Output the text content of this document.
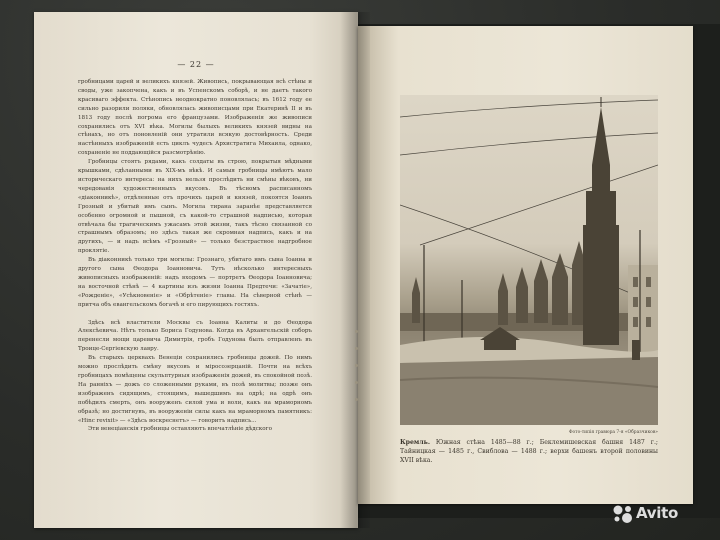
— 22 —

гробницами царей и великихъ князей. Живопись, покрывающая всѣ стѣны и своды, уже закопчена, какъ и въ Успенскомъ соборѣ, и не даетъ такого красиваго эффекта. Стѣнопись неоднократно поновлялась; въ 1612 году ее сильно разорили поляки, обновлялась живописцами при Екатеринѣ II и въ 1813 году послѣ погрома его французами. Изображенія же живописи сохранились отъ XVI вѣка. Могилы былыхъ великихъ князей видны на стѣнахъ, но отъ поновленій они утратили всякую достовѣрность. Среди настѣнныхъ изображеній есть циклъ чудесъ Архистратига Михаила, однако, сохраненіе не поддающійся разсмотрѣнію.

Гробницы стоятъ рядами, какъ солдаты въ строю, покрытыя мѣдными крышками, сдѣланными въ XIX-мъ вѣкѣ. И самыя гробницы имѣютъ мало историческаго интереса: на нихъ нельзя прослѣдить ни смѣны вѣковъ, ни чередованія художественныхъ вкусовъ. Въ тѣсномъ расписанномъ «діаконникѣ», отдѣленные отъ прочихъ царей и князей, покоятся Іоаннъ Грозный и убитый имъ сынъ. Могила тирана заранѣе представляется особенно огромной и пышной, съ какой-то страшной надписью, которая отвѣчала бы трагическимъ ужасамъ этой жизни, такъ тѣсно связанной со страшнымъ образомъ; но здѣсь такая же скромная надпись, какъ и на другихъ, — и надъ всѣмъ «Грозный» — только безстрастное надгробное проклятіе.

Въ діаконникѣ только три могилы: Грознаго, убитаго имъ сына Іоанна и другого сына Ѳеодора Іоанновича. Тутъ нѣсколько интересныхъ живописныхъ изображеній: надъ входомъ — портретъ Ѳеодора Іоанновича; на восточной стѣнѣ — 4 картины изъ жизни Іоанна Предтечи: «Зачатіе», «Рожденіе», «Усѣкновеніе» и «Обрѣтеніе» главы. На сѣверной стѣнѣ — притча объ евангельскомъ богачѣ и его пирующихъ гостяхъ.

Здѣсь всѣ властители Москвы съ Іоанна Калиты и до Ѳеодора Алексѣевича. Нѣтъ только Бориса Годунова. Когда въ Архангельскій соборъ перенесли мощи царевича Димитрія, гробъ Годунова былъ отправленъ въ Троице-Сергіевскую лавру.

Въ старыхъ церквахъ Венеціи сохранились гробницы дожей. По нимъ можно прослѣдить смѣну вкусовъ и міросозерцаній. Почти на всѣхъ гробницахъ помѣщены скульптурныя изображенія дожей, въ спокойной позѣ. На ранніхъ — дожъ со сложенными руками, въ позѣ молитвы; позже онъ изображенъ сидящимъ, стоящимъ, вышедшимъ на одрѣ; на одрѣ онъ побѣдилъ смерть, онъ вооруженъ силой ума и воли, какъ на мраморномъ образѣ; но достигнувъ, въ вооруженіи силы какъ на мраморномъ памятникъ: «Hinc revixit» — «Здѣсь воскреснетъ» — говоритъ надпись...

Эти венеціанскія гробницы оставляютъ впечатлѣніе дѣдского

Фото-типія гравюра 7-я «Образчиков»
Кремль. Южная стѣна 1485—88 г.; Беклемишевская башня 1487 г.; Тайницкая — 1485 г., Свиблова — 1488 г.; верхи башенъ второй половины XVII вѣка.
Avito
